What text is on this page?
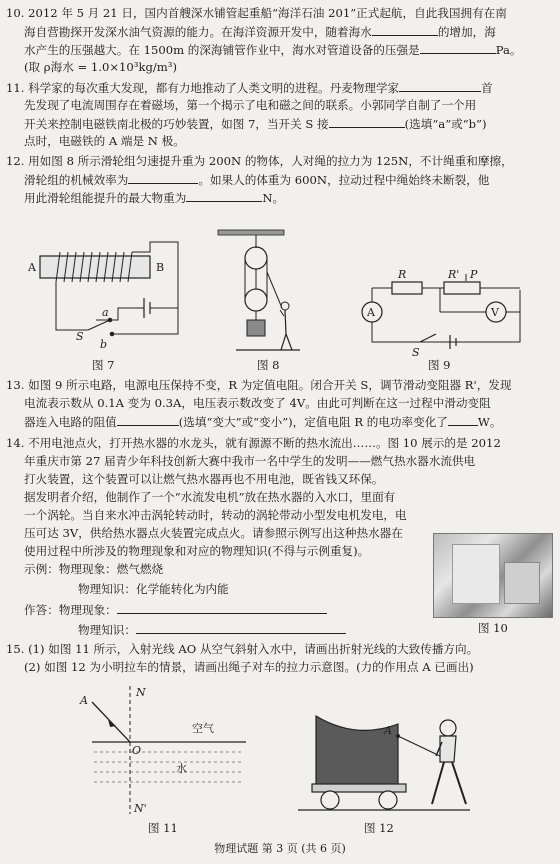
10. 2012 年 5 月 21 日，国内首艘深水铺管起重船“海洋石油 201”正式起航，自此我国拥有在南
海自营勘探开发深水油气资源的能力。在海洋资源开发中，随着海水	的增加，海
水产生的压强越大。在 1500m 的深海铺管作业中，海水对管道设备的压强是	Pa。
(取 ρ海水 = 1.0×10³kg/m³)
11. 科学家的每次重大发现，都有力地推动了人类文明的进程。丹麦物理学家	首
先发现了电流周围存在着磁场，第一个揭示了电和磁之间的联系。小郭同学自制了一个用
开关来控制电磁铁南北极的巧妙装置，如图 7，当开关 S 接	(选填“a”或“b”)
点时，电磁铁的 A 端是 N 极。
12. 用如图 8 所示滑轮组匀速提升重为 200N 的物体，人对绳的拉力为 125N，不计绳重和摩擦，
滑轮组的机械效率为	。如果人的体重为 600N，拉动过程中绳始终未断裂，他
用此滑轮组能提升的最大物重为	N。
A	B
S
a
b
R	R' P
A	V
S
图 7	图 8	图 9
13. 如图 9 所示电路，电源电压保持不变，R 为定值电阻。闭合开关 S，调节滑动变阻器 R'，发现
电流表示数从 0.1A 变为 0.3A，电压表示数改变了 4V。由此可判断在这一过程中滑动变阻
器连入电路的阻值	(选填“变大”或“变小”)，定值电阻 R 的电功率变化了	W。
14. 不用电池点火，打开热水器的水龙头，就有源源不断的热水流出……。图 10 展示的是 2012
年重庆市第 27 届青少年科技创新大赛中我市一名中学生的发明——燃气热水器水流供电
打火装置，这个装置可以让燃气热水器再也不用电池，既省钱又环保。
据发明者介绍，他制作了一个“水流发电机”放在热水器的入水口，里面有
一个涡轮。当自来水冲击涡轮转动时，转动的涡轮带动小型发电机发电，电
压可达 3V，供给热水器点火装置完成点火。请参照示例写出这种热水器在
使用过程中所涉及的物理现象和对应的物理知识(不得与示例重复)。
示例：物理现象：燃气燃烧
物理知识：化学能转化为内能
作答：物理现象：
物理知识：	图 10
15. (1) 如图 11 所示，入射光线 AO 从空气斜射入水中，请画出折射光线的大致传播方向。
(2) 如图 12 为小明拉车的情景，请画出绳子对车的拉力示意图。(力的作用点 A 已画出)
N
A
O
N'
空气
水
A
图 11	图 12
物理试题 第 3 页 (共 6 页)
